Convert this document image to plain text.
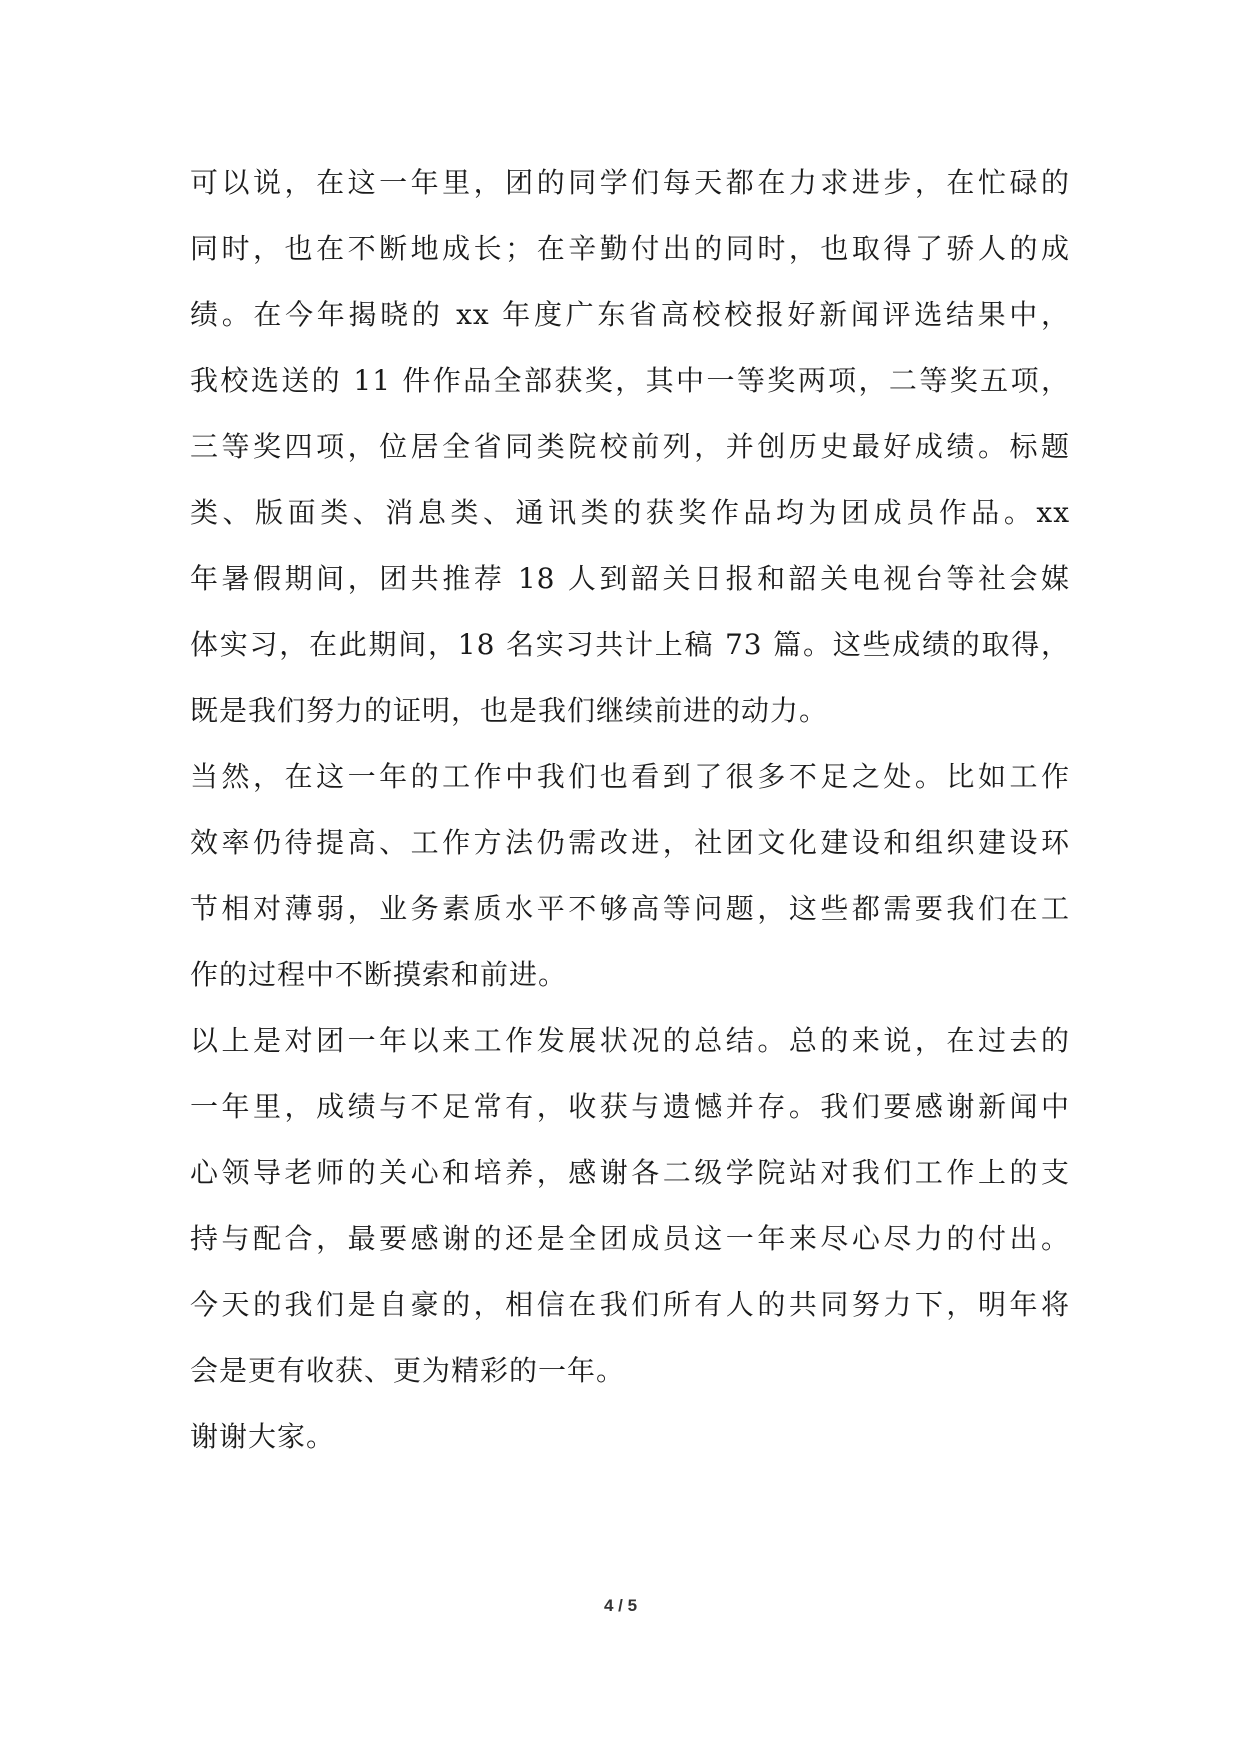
可以说，在这一年里，团的同学们每天都在力求进步，在忙碌的
同时，也在不断地成长；在辛勤付出的同时，也取得了骄人的成
绩。在今年揭晓的 xx 年度广东省高校校报好新闻评选结果中，
我校选送的 11 件作品全部获奖，其中一等奖两项，二等奖五项，
三等奖四项，位居全省同类院校前列，并创历史最好成绩。标题
类、版面类、消息类、通讯类的获奖作品均为团成员作品。xx
年暑假期间，团共推荐 18 人到韶关日报和韶关电视台等社会媒
体实习，在此期间，18 名实习共计上稿 73 篇。这些成绩的取得，
既是我们努力的证明，也是我们继续前进的动力。
当然，在这一年的工作中我们也看到了很多不足之处。比如工作
效率仍待提高、工作方法仍需改进，社团文化建设和组织建设环
节相对薄弱，业务素质水平不够高等问题，这些都需要我们在工
作的过程中不断摸索和前进。
以上是对团一年以来工作发展状况的总结。总的来说，在过去的
一年里，成绩与不足常有，收获与遗憾并存。我们要感谢新闻中
心领导老师的关心和培养，感谢各二级学院站对我们工作上的支
持与配合，最要感谢的还是全团成员这一年来尽心尽力的付出。
今天的我们是自豪的，相信在我们所有人的共同努力下，明年将
会是更有收获、更为精彩的一年。
谢谢大家。
4 / 5
